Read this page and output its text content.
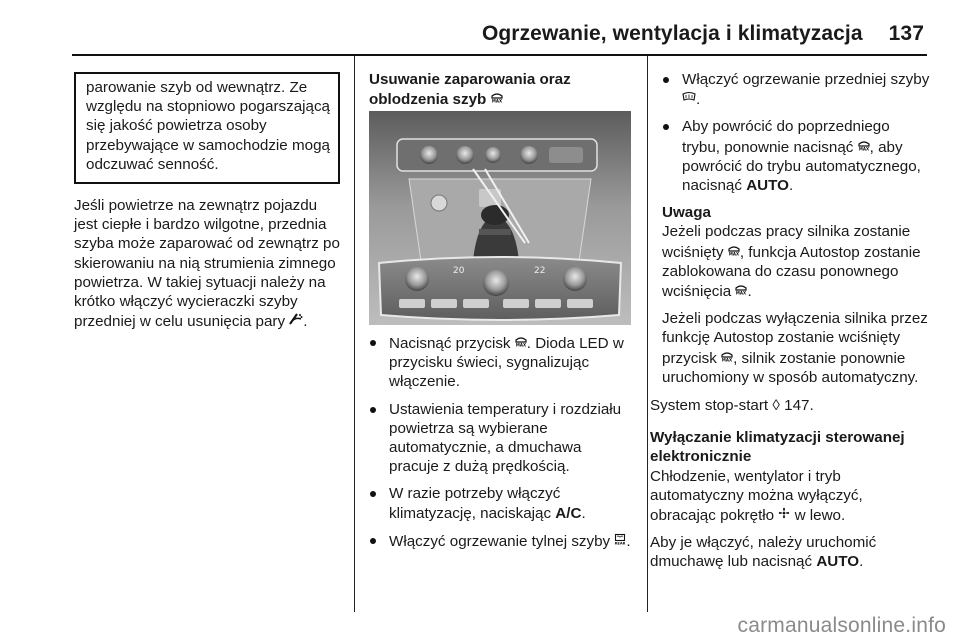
Ogrzewanie, wentylacja i klimatyzacja 137

parowanie szyb od wewnątrz. Ze względu na stopniowo pogarszającą się jakość powietrza osoby przebywające w samochodzie mogą odczuwać senność.

Jeśli powietrze na zewnątrz pojazdu jest ciepłe i bardzo wilgotne, przednia szyba może zaparować od zewnątrz po skierowaniu na nią strumienia zimnego powietrza. W takiej sytuacji należy na krótko włączyć wycieraczki szyby przedniej w celu usunięcia pary .

Usuwanie zaparowania oraz oblodzenia szyb MAX
20	22

Nacisnąć przycisk MAX . Dioda LED w przycisku świeci, sygnalizując włączenie.

Ustawienia temperatury i rozdziału powietrza są wybierane automatycznie, a dmuchawa pracuje z dużą prędkością.

W razie potrzeby włączyć klimatyzację, naciskając A/C.

Włączyć ogrzewanie tylnej szyby REAR .

Włączyć ogrzewanie przedniej szyby .

Aby powrócić do poprzedniego trybu, ponownie nacisnąć MAX , aby powrócić do trybu automatycznego, nacisnąć AUTO.

Uwaga

Jeżeli podczas pracy silnika zostanie wciśnięty MAX , funkcja Autostop zostanie zablokowana do czasu ponownego wciśnięcia MAX .

Jeżeli podczas wyłączenia silnika przez funkcję Autostop zostanie wciśnięty przycisk MAX , silnik zostanie ponownie uruchomiony w sposób automatyczny.

System stop-start ◊ 147.

Wyłączanie klimatyzacji sterowanej elektronicznie

Chłodzenie, wentylator i tryb automatyczny można wyłączyć, obracając pokrętło w lewo.

Aby je włączyć, należy uruchomić dmuchawę lub nacisnąć AUTO.

carmanualsonline.info
